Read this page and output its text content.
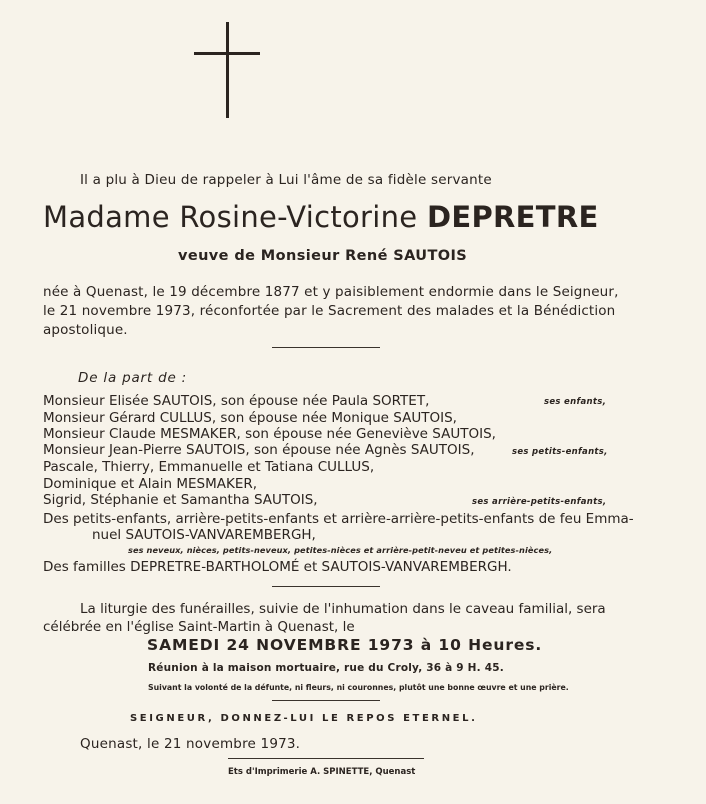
Il a plu à Dieu de rappeler à Lui l'âme de sa fidèle servante
Madame Rosine-Victorine DEPRETRE
veuve de Monsieur René SAUTOIS
née à Quenast, le 19 décembre 1877 et y paisiblement endormie dans le Seigneur,
le 21 novembre 1973, réconfortée par le Sacrement des malades et la Bénédiction
apostolique.
De la part de :
Monsieur Elisée SAUTOIS, son épouse née Paula SORTET,	ses enfants,
Monsieur Gérard CULLUS, son épouse née Monique SAUTOIS,
Monsieur Claude MESMAKER, son épouse née Geneviève SAUTOIS,
Monsieur Jean-Pierre SAUTOIS, son épouse née Agnès SAUTOIS,	ses petits-enfants,
Pascale, Thierry, Emmanuelle et Tatiana CULLUS,
Dominique et Alain MESMAKER,
Sigrid, Stéphanie et Samantha SAUTOIS,	ses arrière-petits-enfants,
Des petits-enfants, arrière-petits-enfants et arrière-arrière-petits-enfants de feu Emma-
nuel SAUTOIS-VANVAREMBERGH,
ses neveux, nièces, petits-neveux, petites-nièces et arrière-petit-neveu et petites-nièces,
Des familles DEPRETRE-BARTHOLOMÉ et SAUTOIS-VANVAREMBERGH.
La liturgie des funérailles, suivie de l'inhumation dans le caveau familial, sera
célébrée en l'église Saint-Martin à Quenast, le
SAMEDI 24 NOVEMBRE 1973 à 10 Heures.
Réunion à la maison mortuaire, rue du Croly, 36 à 9 H. 45.
Suivant la volonté de la défunte, ni fleurs, ni couronnes, plutôt une bonne œuvre et une prière.
SEIGNEUR, DONNEZ-LUI LE REPOS ETERNEL.
Quenast, le 21 novembre 1973.
Ets d'Imprimerie A. SPINETTE, Quenast
